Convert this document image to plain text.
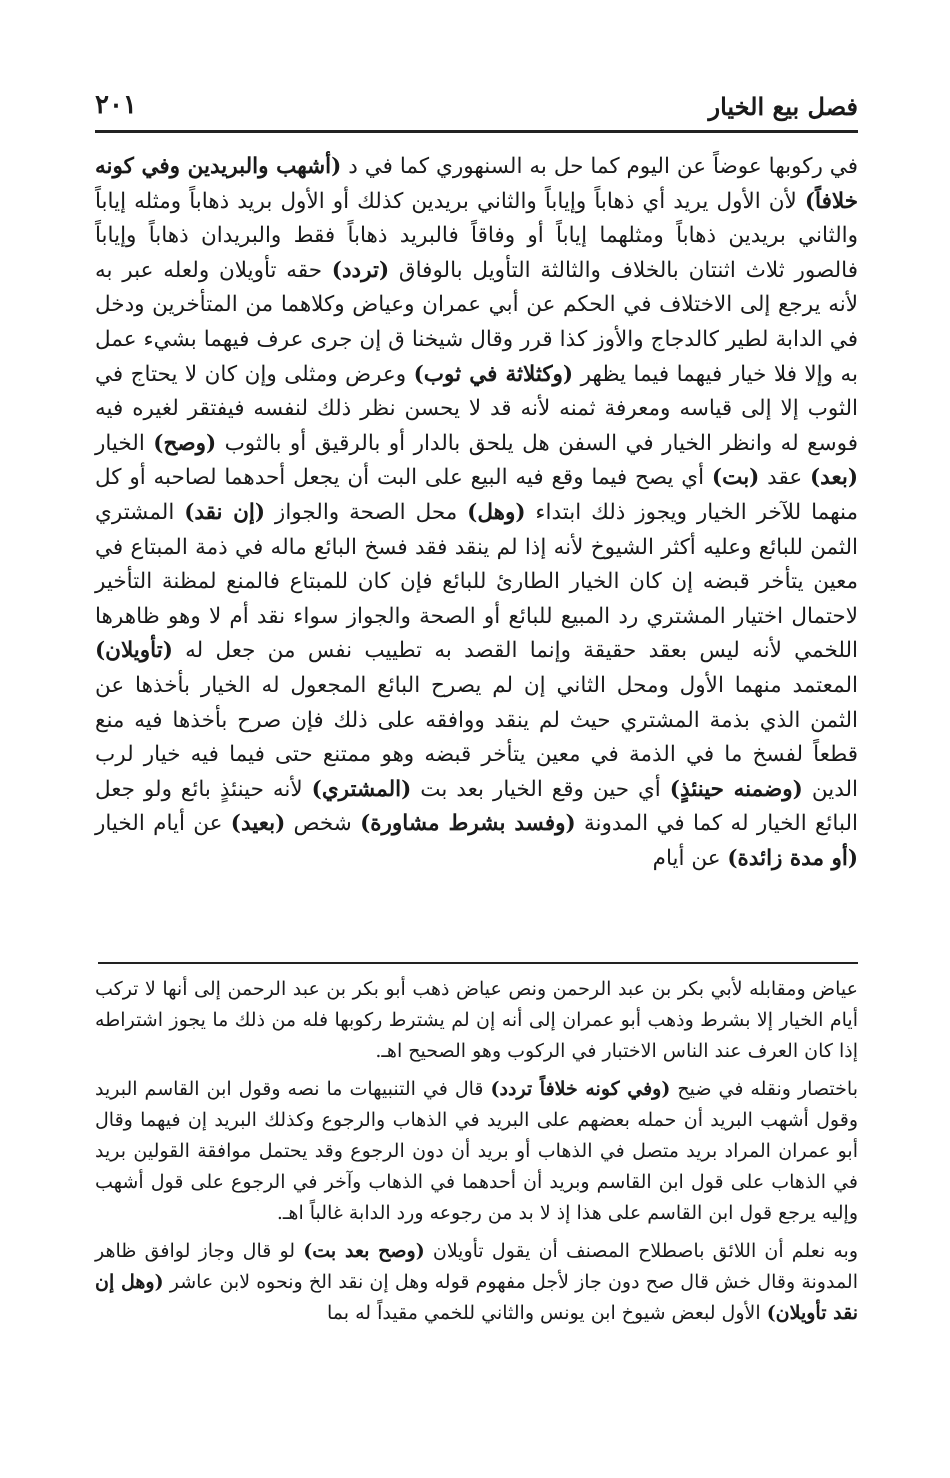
فصل بيع الخيار
٢٠١

في ركوبها عوضاً عن اليوم كما حل به السنهوري كما في د (أشهب والبريدين وفي كونه خلافاً) لأن الأول يريد أي ذهاباً وإياباً والثاني بريدين كذلك أو الأول بريد ذهاباً ومثله إياباً والثاني بريدين ذهاباً ومثلهما إياباً أو وفاقاً فالبريد ذهاباً فقط والبريدان ذهاباً وإياباً فالصور ثلاث اثنتان بالخلاف والثالثة التأويل بالوفاق (تردد) حقه تأويلان ولعله عبر به لأنه يرجع إلى الاختلاف في الحكم عن أبي عمران وعياض وكلاهما من المتأخرين ودخل في الدابة لطير كالدجاج والأوز كذا قرر وقال شيخنا ق إن جرى عرف فيهما بشيء عمل به وإلا فلا خيار فيهما فيما يظهر (وكثلاثة في ثوب) وعرض ومثلى وإن كان لا يحتاج في الثوب إلا إلى قياسه ومعرفة ثمنه لأنه قد لا يحسن نظر ذلك لنفسه فيفتقر لغيره فيه فوسع له وانظر الخيار في السفن هل يلحق بالدار أو بالرقيق أو بالثوب (وصح) الخيار (بعد) عقد (بت) أي يصح فيما وقع فيه البيع على البت أن يجعل أحدهما لصاحبه أو كل منهما للآخر الخيار ويجوز ذلك ابتداء (وهل) محل الصحة والجواز (إن نقد) المشتري الثمن للبائع وعليه أكثر الشيوخ لأنه إذا لم ينقد فقد فسخ البائع ماله في ذمة المبتاع في معين يتأخر قبضه إن كان الخيار الطارئ للبائع فإن كان للمبتاع فالمنع لمظنة التأخير لاحتمال اختيار المشتري رد المبيع للبائع أو الصحة والجواز سواء نقد أم لا وهو ظاهرها اللخمي لأنه ليس بعقد حقيقة وإنما القصد به تطييب نفس من جعل له (تأويلان) المعتمد منهما الأول ومحل الثاني إن لم يصرح البائع المجعول له الخيار بأخذها عن الثمن الذي بذمة المشتري حيث لم ينقد ووافقه على ذلك فإن صرح بأخذها فيه منع قطعاً لفسخ ما في الذمة في معين يتأخر قبضه وهو ممتنع حتى فيما فيه خيار لرب الدين (وضمنه حينئذٍ) أي حين وقع الخيار بعد بت (المشتري) لأنه حينئذٍ بائع ولو جعل البائع الخيار له كما في المدونة (وفسد بشرط مشاورة) شخص (بعيد) عن أيام الخيار (أو مدة زائدة) عن أيام

عياض ومقابله لأبي بكر بن عبد الرحمن ونص عياض ذهب أبو بكر بن عبد الرحمن إلى أنها لا تركب أيام الخيار إلا بشرط وذهب أبو عمران إلى أنه إن لم يشترط ركوبها فله من ذلك ما يجوز اشتراطه إذا كان العرف عند الناس الاختبار في الركوب وهو الصحيح اهـ.

باختصار ونقله في ضيح (وفي كونه خلافاً تردد) قال في التنبيهات ما نصه وقول ابن القاسم البريد وقول أشهب البريد أن حمله بعضهم على البريد في الذهاب والرجوع وكذلك البريد إن فيهما وقال أبو عمران المراد بريد متصل في الذهاب أو بريد أن دون الرجوع وقد يحتمل موافقة القولين بريد في الذهاب على قول ابن القاسم وبريد أن أحدهما في الذهاب وآخر في الرجوع على قول أشهب وإليه يرجع قول ابن القاسم على هذا إذ لا بد من رجوعه ورد الدابة غالباً اهـ.

وبه نعلم أن اللائق باصطلاح المصنف أن يقول تأويلان (وصح بعد بت) لو قال وجاز لوافق ظاهر المدونة وقال خش قال صح دون جاز لأجل مفهوم قوله وهل إن نقد الخ ونحوه لابن عاشر (وهل إن نقد تأويلان) الأول لبعض شيوخ ابن يونس والثاني للخمي مقيداً له بما
